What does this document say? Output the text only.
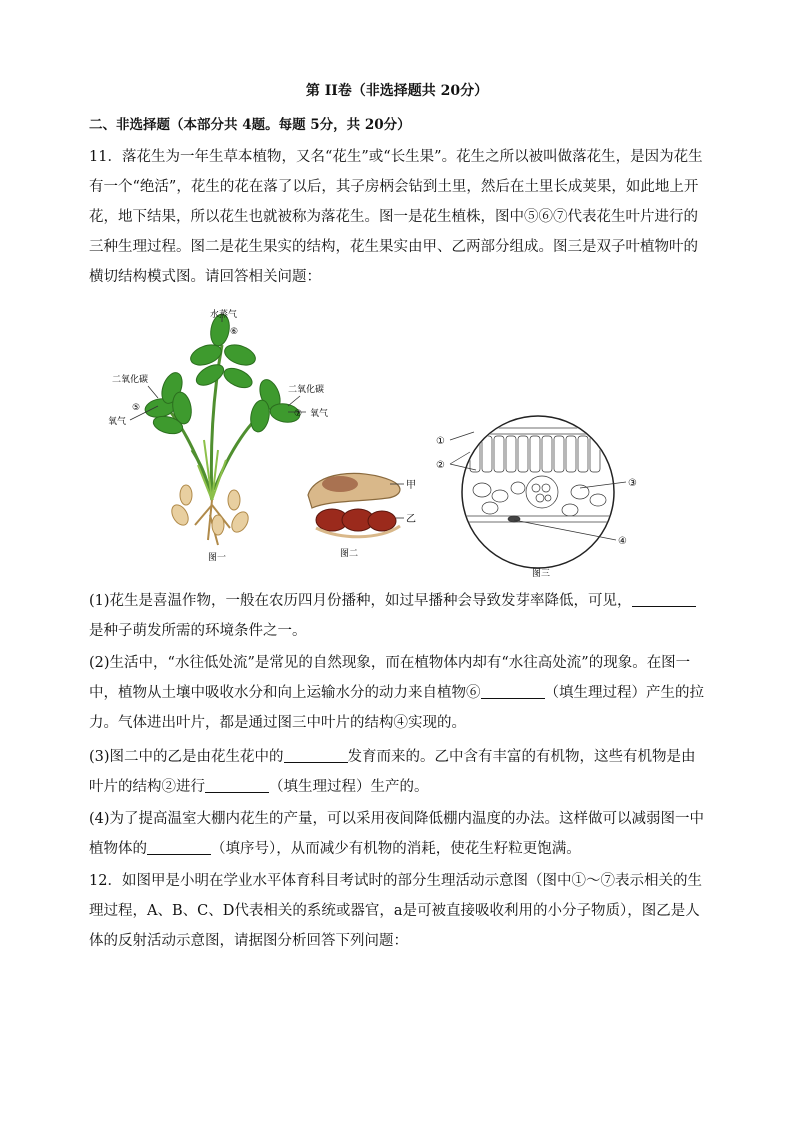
第 II卷（非选择题共 20分）
二、非选择题（本部分共 4题。每题 5分，共 20分）

11．落花生为一年生草本植物，又名“花生”或“长生果”。花生之所以被叫做落花生，是因为花生有一个“绝活”，花生的花在落了以后，其子房柄会钻到土里，然后在土里长成荚果，如此地上开花，地下结果，所以花生也就被称为落花生。图一是花生植株，图中⑤⑥⑦代表花生叶片进行的三种生理过程。图二是花生果实的结构，花生果实由甲、乙两部分组成。图三是双子叶植物叶的横切结构模式图。请回答相关问题：

水蒸气
⑥
二氧化碳
⑤
氧气
二氧化碳
⑦ 氧气
图一
甲
乙
图二
①
②
③
④
图三

(1)花生是喜温作物，一般在农历四月份播种，如过早播种会导致发芽率降低，可见，是种子萌发所需的环境条件之一。

(2)生活中，“水往低处流”是常见的自然现象，而在植物体内却有“水往高处流”的现象。在图一中，植物从土壤中吸收水分和向上运输水分的动力来自植物⑥	（填生理过程）产生的拉力。气体进出叶片，都是通过图三中叶片的结构④实现的。

(3)图二中的乙是由花生花中的	发育而来的。乙中含有丰富的有机物，这些有机物是由叶片的结构②进行	（填生理过程）生产的。

(4)为了提高温室大棚内花生的产量，可以采用夜间降低棚内温度的办法。这样做可以减弱图一中植物体的	（填序号），从而减少有机物的消耗，使花生籽粒更饱满。

12．如图甲是小明在学业水平体育科目考试时的部分生理活动示意图（图中①～⑦表示相关的生理过程，A、B、C、D代表相关的系统或器官，a是可被直接吸收利用的小分子物质），图乙是人体的反射活动示意图，请据图分析回答下列问题：
